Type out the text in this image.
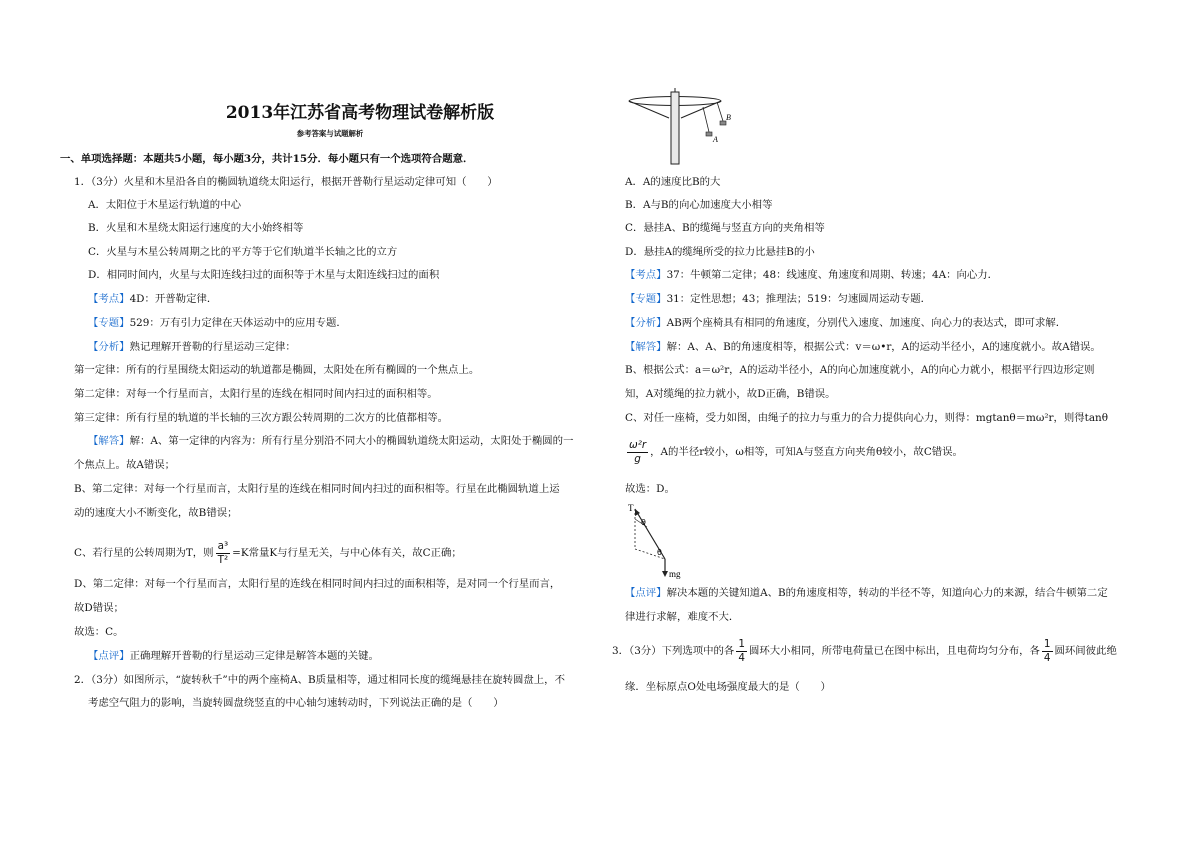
2013年江苏省高考物理试卷解析版
参考答案与试题解析
一、单项选择题：本题共5小题，每小题3分，共计15分．每小题只有一个选项符合题意．
1．（3分）火星和木星沿各自的椭圆轨道绕太阳运行，根据开普勒行星运动定律可知（　　）
A．太阳位于木星运行轨道的中心
B．火星和木星绕太阳运行速度的大小始终相等
C．火星与木星公转周期之比的平方等于它们轨道半长轴之比的立方
D．相同时间内，火星与太阳连线扫过的面积等于木星与太阳连线扫过的面积
【考点】4D：开普勒定律．
【专题】529：万有引力定律在天体运动中的应用专题．
【分析】熟记理解开普勒的行星运动三定律：
第一定律：所有的行星围绕太阳运动的轨道都是椭圆，太阳处在所有椭圆的一个焦点上。
第二定律：对每一个行星而言，太阳行星的连线在相同时间内扫过的面积相等。
第三定律：所有行星的轨道的半长轴的三次方跟公转周期的二次方的比值都相等。
【解答】解：A、第一定律的内容为：所有行星分别沿不同大小的椭圆轨道绕太阳运动，太阳处于椭圆的一
个焦点上。故A错误；
B、第二定律：对每一个行星而言，太阳行星的连线在相同时间内扫过的面积相等。行星在此椭圆轨道上运
动的速度大小不断变化，故B错误；
C、若行星的公转周期为T，则 $\frac{\text{a³}}{\text{T²}} =K$常量K与行星无关，与中心体有关，故C正确；
D、第二定律：对每一个行星而言，太阳行星的连线在相同时间内扫过的面积相等，是对同一个行星而言，
故D错误；
故选：C。
【点评】正确理解开普勒的行星运动三定律是解答本题的关键。
2．（3分）如图所示，“旋转秋千”中的两个座椅A、B质量相等，通过相同长度的缆绳悬挂在旋转圆盘上，不
考虑空气阻力的影响，当旋转圆盘绕竖直的中心轴匀速转动时，下列说法正确的是（　　）
A
B
A．A的速度比B的大
B．A与B的向心加速度大小相等
C．悬挂A、B的缆绳与竖直方向的夹角相等
D．悬挂A的缆绳所受的拉力比悬挂B的小
【考点】37：牛顿第二定律；48：线速度、角速度和周期、转速；4A：向心力．
【专题】31：定性思想；43；推理法；519：匀速圆周运动专题．
【分析】AB两个座椅具有相同的角速度，分别代入速度、加速度、向心力的表达式，即可求解．
【解答】解：A、A、B的角速度相等，根据公式：v＝ω•r，A的运动半径小，A的速度就小。故A错误。
B、根据公式：a＝ω²r，A的运动半径小，A的向心加速度就小，A的向心力就小，根据平行四边形定则
知，A对缆绳的拉力就小，故D正确，B错误。
C、对任一座椅，受力如图，由绳子的拉力与重力的合力提供向心力，则得：mgtanθ＝mω²r，则得tanθ
$\frac{\text{ω²r}}{g}$ ，A的半径r较小，ω相等，可知A与竖直方向夹角θ较小，故C错误。
故选：D。
T
θ
θ
mg
【点评】解决本题的关键知道A、B的角速度相等，转动的半径不等，知道向心力的来源，结合牛顿第二定
律进行求解，难度不大．
3．（3分）下列选项中的各 $\frac{1}{4}$ 圆环大小相同，所带电荷量已在图中标出，且电荷均匀分布，各 $\frac{1}{4}$ 圆环间彼此绝
缘．坐标原点O处电场强度最大的是（　　）
